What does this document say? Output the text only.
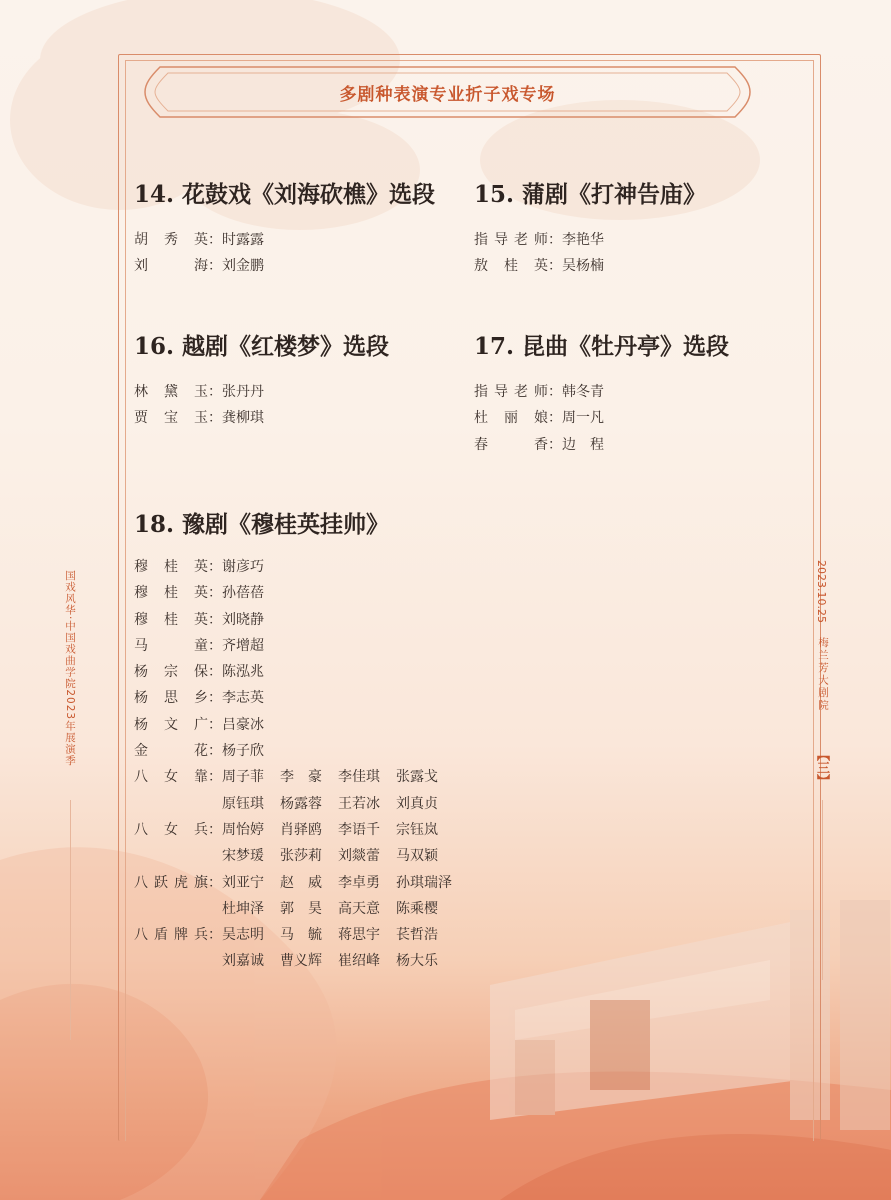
多剧种表演专业折子戏专场
14. 花鼓戏《刘海砍樵》选段
胡秀英 ： 时露露
刘海 ： 刘金鹏
15. 蒲剧《打神告庙》
指导老师 ： 李艳华
敖桂英 ： 吴杨楠
16. 越剧《红楼梦》选段
林黛玉 ： 张丹丹
贾宝玉 ： 龚柳琪
17. 昆曲《牡丹亭》选段
指导老师 ： 韩冬青
杜丽娘 ： 周一凡
春香 ： 边　程
18. 豫剧《穆桂英挂帅》
穆桂英 ： 谢彦巧
穆桂英 ： 孙蓓蓓
穆桂英 ： 刘晓静
马童 ： 齐增超
杨宗保 ： 陈泓兆
杨思乡 ： 李志英
杨文广 ： 吕豪冰
金花 ： 杨子欣
八女靠 ： 周子菲	李　豪	李佳琪	张露戈
原钰琪	杨露蓉	王若冰	刘真贞
八女兵 ： 周怡婷	肖驿鸥	李语千	宗钰岚
宋梦瑗	张莎莉	刘燚蕾	马双颖
八跃虎旗 ： 刘亚宁	赵　威	李卓勇	孙琪瑞泽
杜坤泽	郭　昊	高天意	陈乘樱
八盾牌兵 ： 吴志明	马　毓	蒋思宇	苌哲浩
刘嘉诚	曹义辉	崔绍峰	杨大乐
国戏风华·中国戏曲学院2023年展演季	2023.10.25
梅兰芳大剧院
【三】
